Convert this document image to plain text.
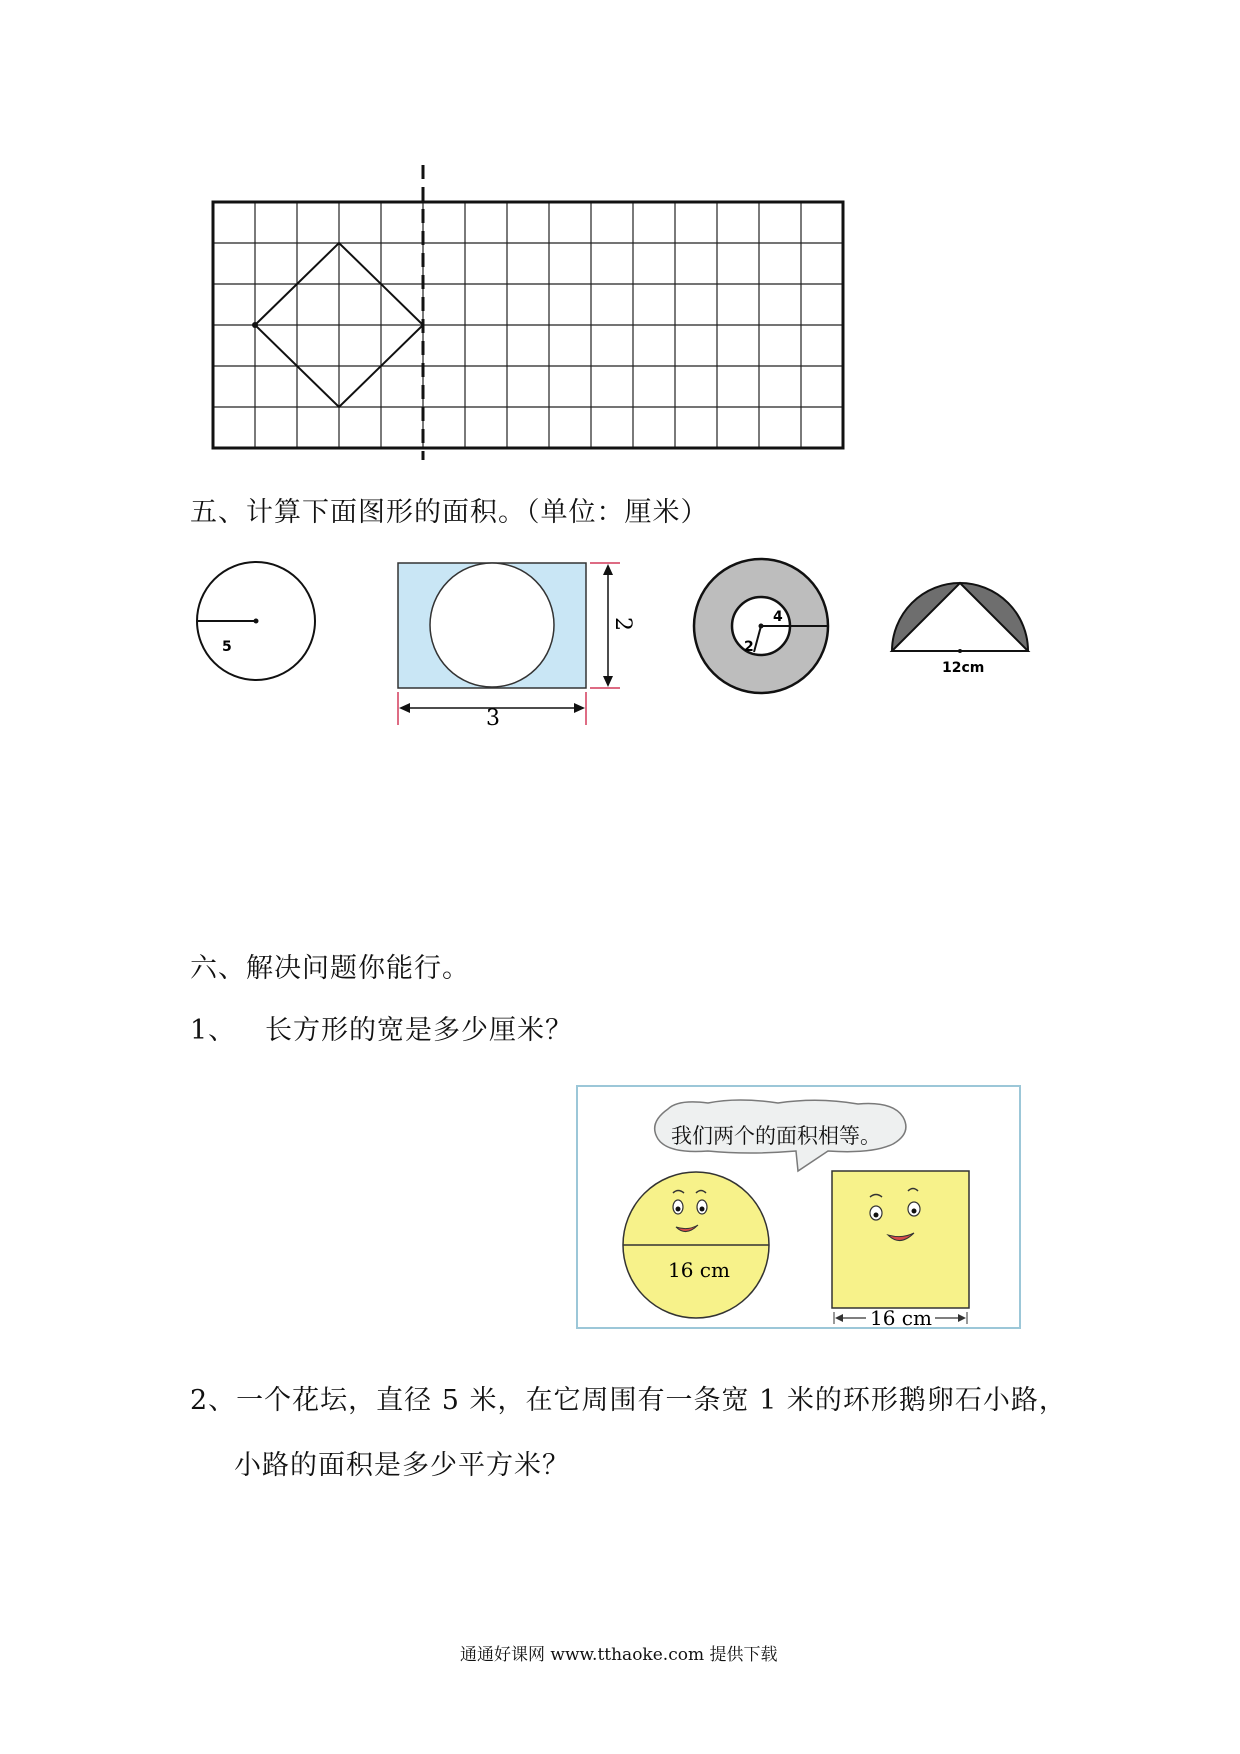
五、计算下面图形的面积。（单位：厘米）
5
2
3
4
2
12cm
六、解决问题你能行。
1、 长方形的宽是多少厘米？
我们两个的面积相等。
16 cm
16 cm
2、一个花坛，直径 5 米，在它周围有一条宽 1 米的环形鹅卵石小路，
小路的面积是多少平方米？
通通好课网 www.tthaoke.com 提供下载
